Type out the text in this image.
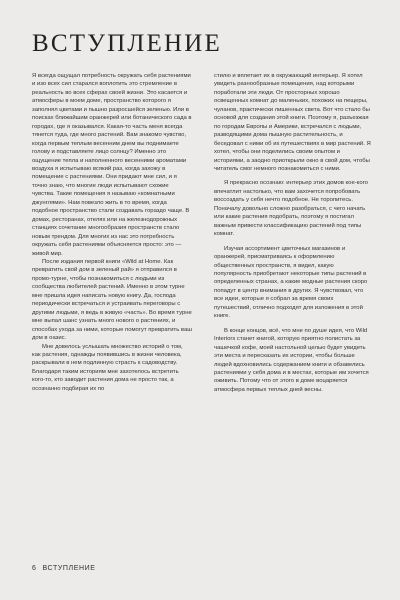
ВСТУПЛЕНИЕ

Я всегда ощущал потребность окружать себя растениями и изо всех сил старался воплотить это стремление в реальность во всех сферах своей жизни. Это касается и атмосферы в моем доме, пространство которого я заполнял цветами и пышно разросшейся зеленью. Или в поисках ближайшим оранжерей или ботанического сада в городах, где я оказывался. Какая-то часть меня всегда тянется туда, где много растений. Вам знакомо чувство, когда первым теплым весенним днем вы поднимаете голову и подставляете лицо солнцу? Именно это ощущение тепла и наполненного весенними ароматами воздуха я испытываю всякий раз, когда захожу в помещение с растениями. Они придают мне сил, и я точно знаю, что многие люди испытывают схожие чувства. Такие помещения я называю «комнатными джунглями». Нам повезло жить в то время, когда подобное пространство стали создавать гораздо чаще. В домах, ресторанах, отелях или на железнодорожных станциях сочетание многообразия пространств стало новым трендом. Для многих из нас это потребность окружать себя растениями объясняется просто: это — живой мир.

После издания первой книги «Wild at Home. Как превратить свой дом в зеленый рай» я отправился в промо-турне, чтобы познакомиться с людьми из сообщества любителей растений. Именно в этом турне мне пришла идея написать новую книгу. Да, господа периодически встречаться и устраивать переговоры с другими людьми, я ведь в живую «часть». Во время турне мне выпал шанс узнать много нового о растениях, и способах ухода за ними, которые помогут превратить ваш дом в оазис.

Мне довелось услышать множество историй о том, как растения, однажды появившись в жизни человека, раскрывали в нем подлинную страсть к садоводству. Благодаря таким историям мне захотелось встретить кого-то, кто заводит растения дома не просто так, а осознанно подбирая их по

стилю и вплетает их в окружающий интерьер. Я хотел увидеть разнообразные помещения, над которыми поработали эти люди. От просторных хорошо освещенных комнат до маленьких, похожих на пещеры, чуланов, практически лишенных света. Вот что стало бы основой для создания этой книги. Поэтому я, разъезжая по городам Европы и Америки, встречался с людьми, разводящими дома пышную растительность, и беседовал с ними об их путешествиях в мир растений. Я хотел, чтобы они поделились своим опытом и историями, а заодно приоткрыли окно в свой дом, чтобы читатель смог немного познакомиться с ними.

Я прекрасно осознаю: интерьер этих домов кое-кого впечатлит настолько, что вам захочется попробовать воссоздать у себя нечто подобное. Не торопитесь. Поначалу довольно сложно разобраться, с чего начать или какие растения подобрать, поэтому я постигал важным привести классификацию растений под типы комнат.

Изучая ассортимент цветочных магазинов и оранжерей, присматриваясь к оформлению общественных пространств, я видел, какую популярность приобретают некоторые типы растений в определенных странах, а какие модные растения скоро попадут в центр внимания в других. Я чувствовал, что все идеи, которые я собрал за время своих путешествий, отлично подходят для изложения в этой книге.

В конце концов, всё, что мне по душе идея, что Wild Interiors станет книгой, которую приятно полистать за чашечкой кофе, моей настольной целью будет увидеть эти места и пересказать их истории, чтобы больше людей вдохновились содержанием книги и обзавелись растениями у себя дома и в местах, которые им хочется оживить. Потому что от этого в доме воцаряется атмосфера первых теплых дней весны.

6 ВСТУПЛЕНИЕ
